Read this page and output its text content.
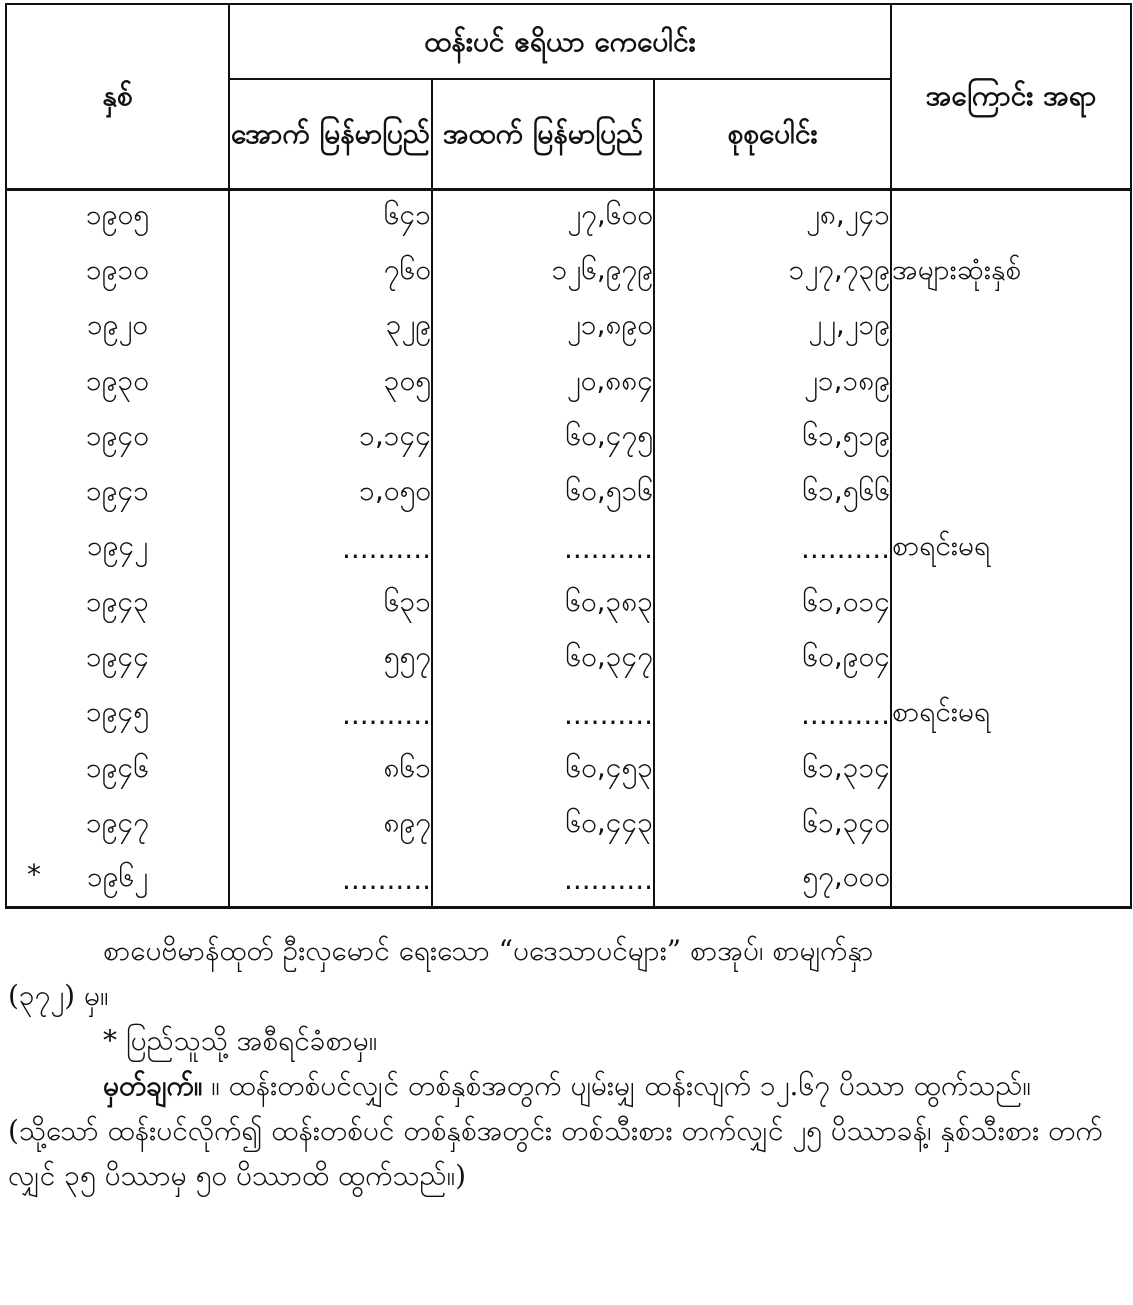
နှစ်	ထန်းပင် ဧရိယာ ကေပေါင်း			အကြောင်း အရာ
	အောက် မြန်မာပြည်	အထက် မြန်မာပြည်	စုစုပေါင်း	

၁၉၀၅	၆၄၁	၂၇,၆၀၀	၂၈,၂၄၁	

၁၉၁၀	၇၆၀	၁၂၆,၉၇၉	၁၂၇,၇၃၉	အများဆုံးနှစ်

၁၉၂၀	၃၂၉	၂၁,၈၉၀	၂၂,၂၁၉	

၁၉၃၀	၃၀၅	၂၀,၈၈၄	၂၁,၁၈၉	

၁၉၄၀	၁,၁၄၄	၆၀,၄၇၅	၆၁,၅၁၉	

၁၉၄၁	၁,၀၅၀	၆၀,၅၁၆	၆၁,၅၆၆	

၁၉၄၂	..........	..........	..........	စာရင်းမရ

၁၉၄၃	၆၃၁	၆၀,၃၈၃	၆၁,၀၁၄	

၁၉၄၄	၅၅၇	၆၀,၃၄၇	၆၀,၉၀၄	

၁၉၄၅	..........	..........	..........	စာရင်းမရ

၁၉၄၆	၈၆၁	၆၀,၄၅၃	၆၁,၃၁၄	

၁၉၄၇	၈၉၇	၆၀,၄၄၃	၆၁,၃၄၀	

* ၁၉၆၂	..........	..........	၅၇,၀၀၀	

စာပေဗိမာန်ထုတ် ဦးလှမောင် ရေးသော “ပဒေသာပင်များ” စာအုပ်၊ စာမျက်နှာ

(၃၇၂) မှ။

* ပြည်သူသို့ အစီရင်ခံစာမှ။

မှတ်ချက်။ ။ ထန်းတစ်ပင်လျှင် တစ်နှစ်အတွက် ပျမ်းမျှ ထန်းလျက် ၁၂.၆၇ ပိဿာ ထွက်သည်။ (သို့သော် ထန်းပင်လိုက်၍ ထန်းတစ်ပင် တစ်နှစ်အတွင်း တစ်သီးစား တက်လျှင် ၂၅ ပိဿာခန့်၊ နှစ်သီးစား တက်လျှင် ၃၅ ပိဿာမှ ၅၀ ပိဿာထိ ထွက်သည်။)
